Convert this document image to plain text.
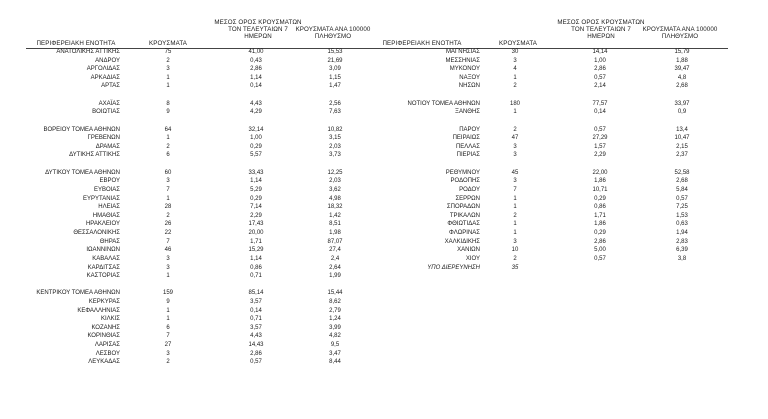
ΜΕΣΟΣ ΟΡΟΣ ΚΡΟΥΣΜΑΤΩΝ
ΤΟΝ ΤΕΛΕΥΤΑΙΩΝ 7
ΗΜΕΡΩΝ
ΚΡΟΥΣΜΑΤΑ ΑΝΑ 100000
ΠΛΗΘΥΣΜΟ
ΠΕΡΙΦΕΡΕΙΑΚΗ ΕΝΟΤΗΤΑ	ΚΡΟΥΣΜΑΤΑ
ΜΕΣΟΣ ΟΡΟΣ ΚΡΟΥΣΜΑΤΩΝ
ΤΟΝ ΤΕΛΕΥΤΑΙΩΝ 7
ΗΜΕΡΩΝ
ΚΡΟΥΣΜΑΤΑ ΑΝΑ 100000
ΠΛΗΘΥΣΜΟ
ΠΕΡΙΦΕΡΕΙΑΚΗ ΕΝΟΤΗΤΑ	ΚΡΟΥΣΜΑΤΑ
ΑΝΑΤΟΛΙΚΗΣ ΑΤΤΙΚΗΣ	75	41,00	15,53
ΑΝΔΡΟΥ	2	0,43	21,69
ΑΡΓΟΛΙΔΑΣ	3	2,86	3,09
ΑΡΚΑΔΙΑΣ	1	1,14	1,15
ΑΡΤΑΣ	1	0,14	1,47
ΑΧΑΪΑΣ	8	4,43	2,56
ΒΟΙΩΤΙΑΣ	9	4,29	7,63
ΒΟΡΕΙΟΥ ΤΟΜΕΑ ΑΘΗΝΩΝ	64	32,14	10,82
ΓΡΕΒΕΝΩΝ	1	1,00	3,15
ΔΡΑΜΑΣ	2	0,29	2,03
ΔΥΤΙΚΗΣ ΑΤΤΙΚΗΣ	6	5,57	3,73
ΔΥΤΙΚΟΥ ΤΟΜΕΑ ΑΘΗΝΩΝ	60	33,43	12,25
ΕΒΡΟΥ	3	1,14	2,03
ΕΥΒΟΙΑΣ	7	5,29	3,62
ΕΥΡΥΤΑΝΙΑΣ	1	0,29	4,98
ΗΛΕΙΑΣ	28	7,14	18,32
ΗΜΑΘΙΑΣ	2	2,29	1,42
ΗΡΑΚΛΕΙΟΥ	26	17,43	8,51
ΘΕΣΣΑΛΟΝΙΚΗΣ	22	20,00	1,98
ΘΗΡΑΣ	7	1,71	87,07
ΙΩΑΝΝΙΝΩΝ	46	15,29	27,4
ΚΑΒΑΛΑΣ	3	1,14	2,4
ΚΑΡΔΙΤΣΑΣ	3	0,86	2,64
ΚΑΣΤΟΡΙΑΣ	1	0,71	1,99
ΚΕΝΤΡΙΚΟΥ ΤΟΜΕΑ ΑΘΗΝΩΝ	159	85,14	15,44
ΚΕΡΚΥΡΑΣ	9	3,57	8,62
ΚΕΦΑΛΛΗΝΙΑΣ	1	0,14	2,79
ΚΙΛΚΙΣ	1	0,71	1,24
ΚΟΖΑΝΗΣ	6	3,57	3,99
ΚΟΡΙΝΘΙΑΣ	7	4,43	4,82
ΛΑΡΙΣΑΣ	27	14,43	9,5
ΛΕΣΒΟΥ	3	2,86	3,47
ΛΕΥΚΑΔΑΣ	2	0,57	8,44
ΜΑΓΝΗΣΙΑΣ	30	14,14	15,79
ΜΕΣΣΗΝΙΑΣ	3	1,00	1,88
ΜΥΚΟΝΟΥ	4	2,86	39,47
ΝΑΞΟΥ	1	0,57	4,8
ΝΗΣΩΝ	2	2,14	2,68
ΝΟΤΙΟΥ ΤΟΜΕΑ ΑΘΗΝΩΝ	180	77,57	33,97
ΞΑΝΘΗΣ	1	0,14	0,9
ΠΑΡΟΥ	2	0,57	13,4
ΠΕΙΡΑΙΩΣ	47	27,29	10,47
ΠΕΛΛΑΣ	3	1,57	2,15
ΠΙΕΡΙΑΣ	3	2,29	2,37
ΡΕΘΥΜΝΟΥ	45	22,00	52,58
ΡΟΔΟΠΗΣ	3	1,86	2,68
ΡΟΔΟΥ	7	10,71	5,84
ΣΕΡΡΩΝ	1	0,29	0,57
ΣΠΟΡΑΔΩΝ	1	0,86	7,25
ΤΡΙΚΑΛΩΝ	2	1,71	1,53
ΦΘΙΩΤΙΔΑΣ	1	1,86	0,63
ΦΛΩΡΙΝΑΣ	1	0,29	1,94
ΧΑΛΚΙΔΙΚΗΣ	3	2,86	2,83
ΧΑΝΙΩΝ	10	5,00	6,39
ΧΙΟΥ	2	0,57	3,8
ΥΠΟ ΔΙΕΡΕΥΝΗΣΗ	35
